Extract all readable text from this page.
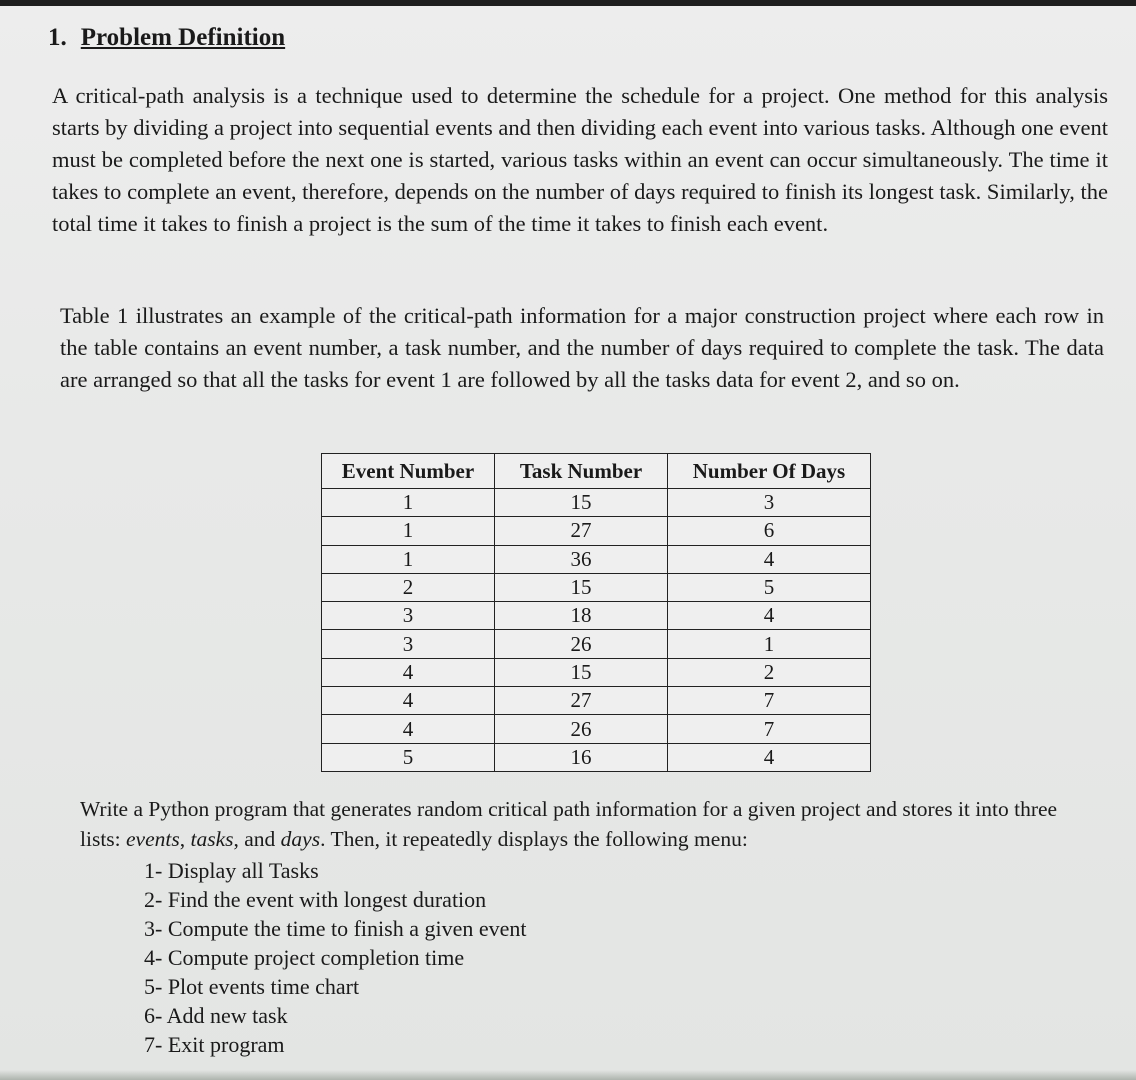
1. Problem Definition

A critical-path analysis is a technique used to determine the schedule for a project. One method for this analysis starts by dividing a project into sequential events and then dividing each event into various tasks. Although one event must be completed before the next one is started, various tasks within an event can occur simultaneously. The time it takes to complete an event, therefore, depends on the number of days required to finish its longest task. Similarly, the total time it takes to finish a project is the sum of the time it takes to finish each event.

Table 1 illustrates an example of the critical-path information for a major construction project where each row in the table contains an event number, a task number, and the number of days required to complete the task. The data are arranged so that all the tasks for event 1 are followed by all the tasks data for event 2, and so on.

Event Number	Task Number	Number Of Days
1	15	3
1	27	6
1	36	4
2	15	5
3	18	4
3	26	1
4	15	2
4	27	7
4	26	7
5	16	4

Write a Python program that generates random critical path information for a given project and stores it into three lists: events, tasks, and days. Then, it repeatedly displays the following menu:

1- Display all Tasks
2- Find the event with longest duration
3- Compute the time to finish a given event
4- Compute project completion time
5- Plot events time chart
6- Add new task
7- Exit program
